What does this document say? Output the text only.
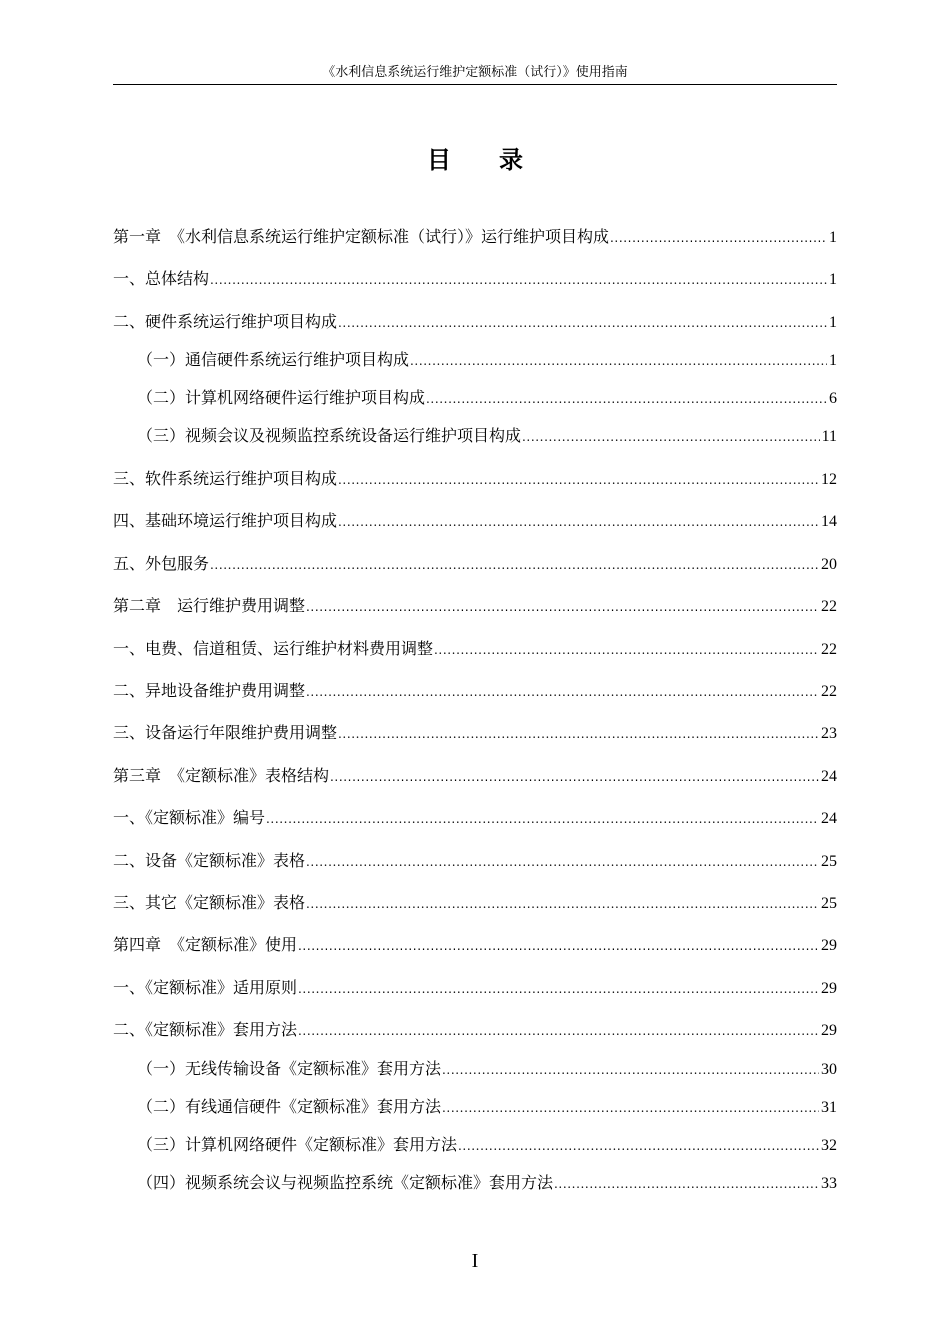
《水利信息系统运行维护定额标准（试行）》使用指南
目录
第一章　《水利信息系统运行维护定额标准（试行）》运行维护项目构成 .....	1
一、总体结构 .....	1
二、硬件系统运行维护项目构成 .....	1
（一）通信硬件系统运行维护项目构成 .....	1
（二）计算机网络硬件运行维护项目构成 .....	6
（三）视频会议及视频监控系统设备运行维护项目构成 .....	11
三、软件系统运行维护项目构成 .....	12
四、基础环境运行维护项目构成 .....	14
五、外包服务 .....	20
第二章　运行维护费用调整 .....	22
一、电费、信道租赁、运行维护材料费用调整 .....	22
二、异地设备维护费用调整 .....	22
三、设备运行年限维护费用调整 .....	23
第三章　《定额标准》表格结构 .....	24
一、《定额标准》编号 .....	24
二、设备《定额标准》表格 .....	25
三、其它《定额标准》表格 .....	25
第四章　《定额标准》使用 .....	29
一、《定额标准》适用原则 .....	29
二、《定额标准》套用方法 .....	29
（一）无线传输设备《定额标准》套用方法 .....	30
（二）有线通信硬件《定额标准》套用方法 .....	31
（三）计算机网络硬件《定额标准》套用方法 .....	32
（四）视频系统会议与视频监控系统《定额标准》套用方法 .....	33
I
